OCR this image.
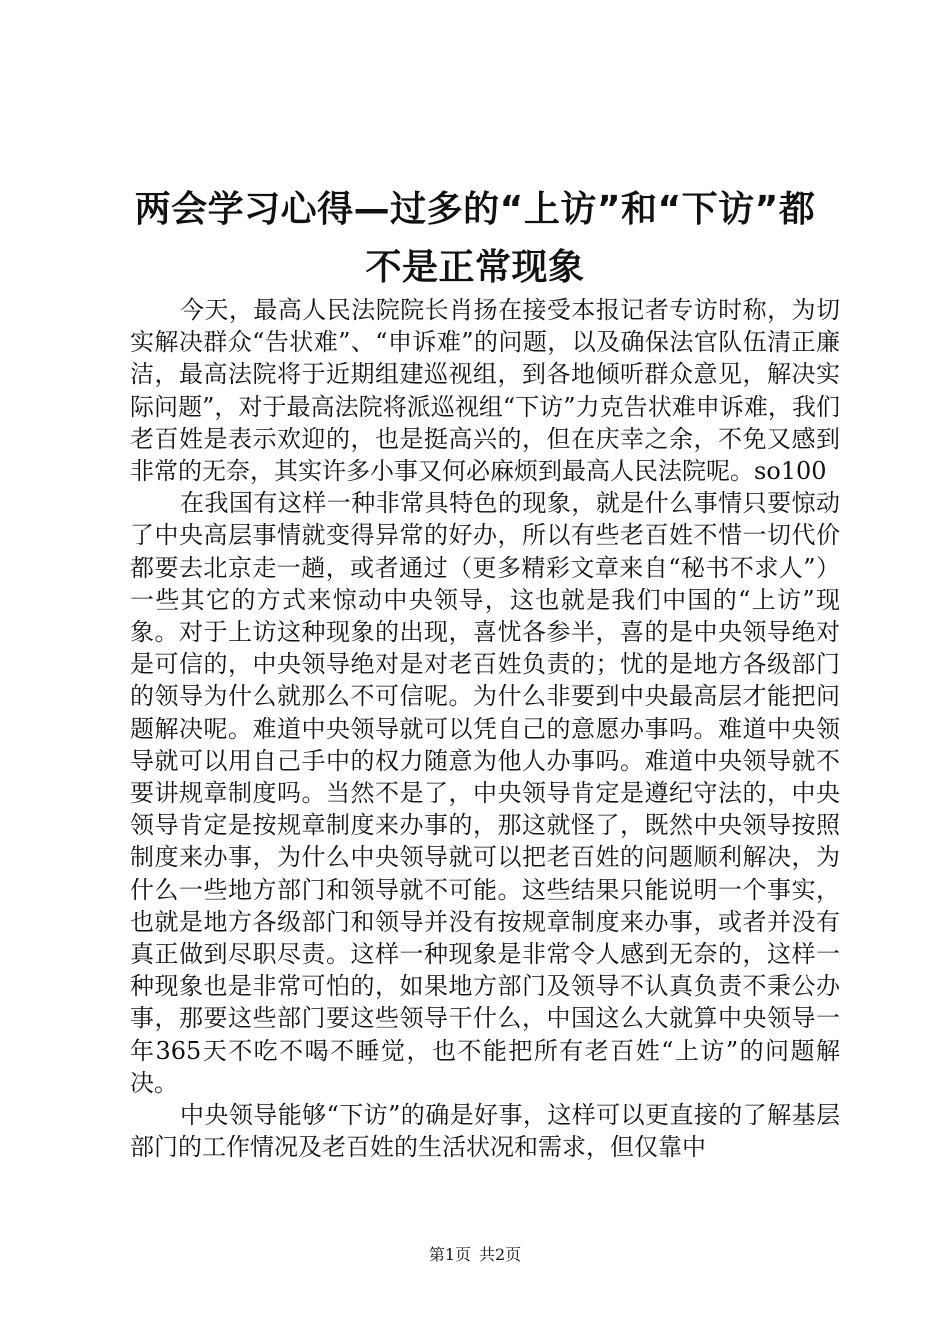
两会学习心得—过多的“上访”和“下访”都
不是正常现象

今天，最高人民法院院长肖扬在接受本报记者专访时称，为切实解决群众“告状难”、“申诉难”的问题，以及确保法官队伍清正廉洁，最高法院将于近期组建巡视组，到各地倾听群众意见，解决实际问题”，对于最高法院将派巡视组“下访”力克告状难申诉难，我们老百姓是表示欢迎的，也是挺高兴的，但在庆幸之余，不免又感到非常的无奈，其实许多小事又何必麻烦到最高人民法院呢。so100

在我国有这样一种非常具特色的现象，就是什么事情只要惊动了中央高层事情就变得异常的好办，所以有些老百姓不惜一切代价都要去北京走一趟，或者通过（更多精彩文章来自“秘书不求人”）一些其它的方式来惊动中央领导，这也就是我们中国的“上访”现象。对于上访这种现象的出现，喜忧各参半，喜的是中央领导绝对是可信的，中央领导绝对是对老百姓负责的；忧的是地方各级部门的领导为什么就那么不可信呢。为什么非要到中央最高层才能把问题解决呢。难道中央领导就可以凭自己的意愿办事吗。难道中央领导就可以用自己手中的权力随意为他人办事吗。难道中央领导就不要讲规章制度吗。当然不是了，中央领导肯定是遵纪守法的，中央领导肯定是按规章制度来办事的，那这就怪了，既然中央领导按照制度来办事，为什么中央领导就可以把老百姓的问题顺利解决，为什么一些地方部门和领导就不可能。这些结果只能说明一个事实，也就是地方各级部门和领导并没有按规章制度来办事，或者并没有真正做到尽职尽责。这样一种现象是非常令人感到无奈的，这样一种现象也是非常可怕的，如果地方部门及领导不认真负责不秉公办事，那要这些部门要这些领导干什么，中国这么大就算中央领导一年365天不吃不喝不睡觉，也不能把所有老百姓“上访”的问题解决。

中央领导能够“下访”的确是好事，这样可以更直接的了解基层部门的工作情况及老百姓的生活状况和需求，但仅靠中

第1页 共2页
